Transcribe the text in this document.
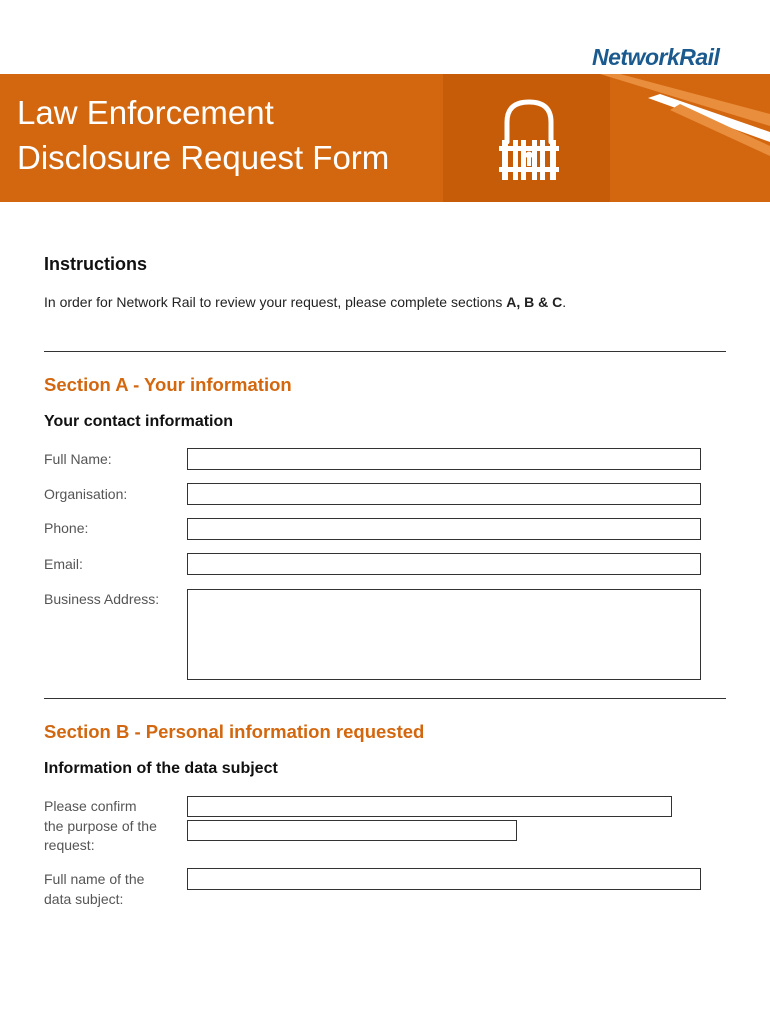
NetworkRail
Law Enforcement
Disclosure Request Form
Instructions
In order for Network Rail to review your request, please complete sections A, B & C.
Section A - Your information
Your contact information
Full Name:
Organisation:
Phone:
Email:
Business Address:
Section B - Personal information requested
Information of the data subject
Please confirm
the purpose of the
request:
Full name of the
data subject:
